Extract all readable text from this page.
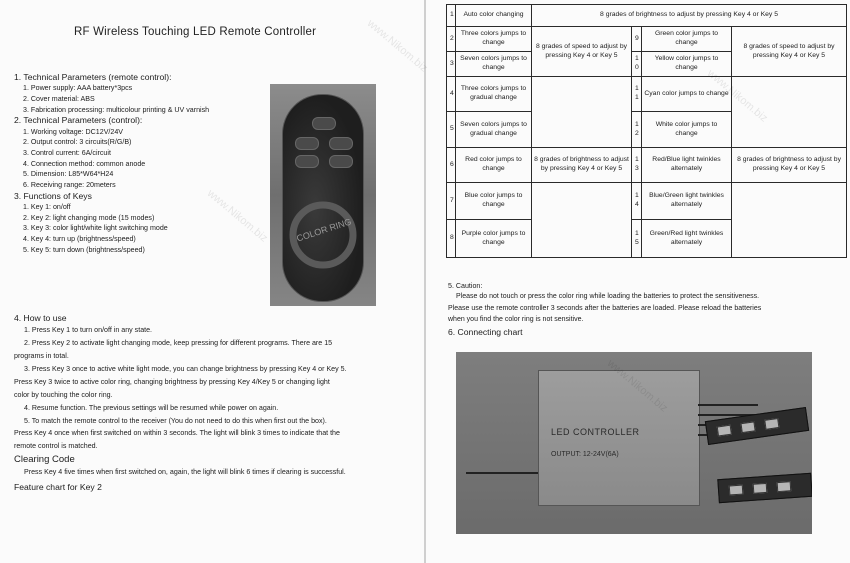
RF Wireless Touching LED Remote Controller
1. Technical Parameters (remote control):
1. Power supply: AAA battery*3pcs
2. Cover material: ABS
3. Fabrication processing: multicolour printing & UV varnish
2. Technical Parameters (control):
1. Working voltage: DC12V/24V
2. Output control: 3 circuits(R/G/B)
3. Control current: 6A/circuit
4. Connection method: common anode
5. Dimension: L85*W64*H24
6. Receiving range: 20meters
3. Functions of Keys
1. Key 1: on/off
2. Key 2: light changing mode (15 modes)
3. Key 3: color light/white light switching mode
4. Key 4: turn up (brightness/speed)
5. Key 5: turn down (brightness/speed)
COLOR RING
4. How to use
1. Press Key 1 to turn on/off in any state.
2. Press Key 2 to activate light changing mode, keep pressing for different programs. There are 15
programs in total.
3. Press Key 3 once to active white light mode, you can change brightness by pressing Key 4 or Key 5.
Press Key 3 twice to active color ring, changing brightness by pressing Key 4/Key 5 or changing light
color by touching the color ring.
4. Resume function. The previous settings will be resumed while power on again.
5. To match the remote control to the receiver (You do not need to do this when first out the box).
Press Key 4 once when first switched on within 3 seconds. The light will blink 3 times to indicate that the
remote control is matched.
Clearing Code
Press Key 4 five times when first switched on, again, the light will blink 6 times if clearing is successful.
Feature chart for Key 2
1	Auto color changing	8 grades of brightness to adjust by pressing Key 4 or Key 5			
2	Three colors jumps to change	8 grades of speed to adjust by pressing Key 4 or Key 5	9	Green color jumps to change	8 grades of speed to adjust by pressing Key 4 or Key 5
3	Seven colors jumps to change		1 0	Yellow color jumps to change	
4	Three colors jumps to gradual change		1 1	Cyan color jumps to change	
5	Seven colors jumps to gradual change		1 2	White color jumps to change	
6	Red color jumps to change	8 grades of brightness to adjust by pressing Key 4 or Key 5	1 3	Red/Blue light twinkles alternately	8 grades of brightness to adjust by pressing Key 4 or Key 5
7	Blue color jumps to change		1 4	Blue/Green light twinkles alternately	
8	Purple color jumps to change		1 5	Green/Red light twinkles alternately	
5. Caution:
Please do not touch or press the color ring while loading the batteries to protect the sensitiveness.
Please use the remote controller 3 seconds after the batteries are loaded. Please reload the batteries
when you find the color ring is not sensitive.
6. Connecting chart
LED CONTROLLER
OUTPUT: 12-24V(6A)
